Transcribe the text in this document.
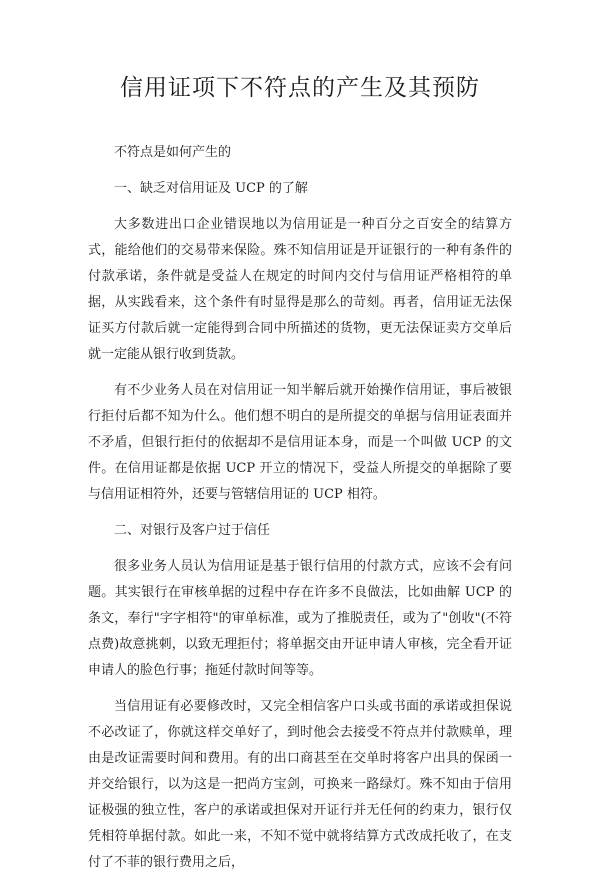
信用证项下不符点的产生及其预防

不符点是如何产生的

一、缺乏对信用证及 UCP 的了解

大多数进出口企业错误地以为信用证是一种百分之百安全的结算方式，能给他们的交易带来保险。殊不知信用证是开证银行的一种有条件的付款承诺，条件就是受益人在规定的时间内交付与信用证严格相符的单据，从实践看来，这个条件有时显得是那么的苛刻。再者，信用证无法保证买方付款后就一定能得到合同中所描述的货物，更无法保证卖方交单后就一定能从银行收到货款。

有不少业务人员在对信用证一知半解后就开始操作信用证，事后被银行拒付后都不知为什么。他们想不明白的是所提交的单据与信用证表面并不矛盾，但银行拒付的依据却不是信用证本身，而是一个叫做 UCP 的文件。在信用证都是依据 UCP 开立的情况下，受益人所提交的单据除了要与信用证相符外，还要与管辖信用证的 UCP 相符。

二、对银行及客户过于信任

很多业务人员认为信用证是基于银行信用的付款方式，应该不会有问题。其实银行在审核单据的过程中存在许多不良做法，比如曲解 UCP 的条文，奉行"字字相符"的审单标准，或为了推脱责任，或为了"创收"(不符点费)故意挑刺，以致无理拒付；将单据交由开证申请人审核，完全看开证申请人的脸色行事；拖延付款时间等等。

当信用证有必要修改时，又完全相信客户口头或书面的承诺或担保说不必改证了，你就这样交单好了，到时他会去接受不符点并付款赎单，理由是改证需要时间和费用。有的出口商甚至在交单时将客户出具的保函一并交给银行，以为这是一把尚方宝剑，可换来一路绿灯。殊不知由于信用证极强的独立性，客户的承诺或担保对开证行并无任何的约束力，银行仅凭相符单据付款。如此一来，不知不觉中就将结算方式改成托收了，在支付了不菲的银行费用之后，
